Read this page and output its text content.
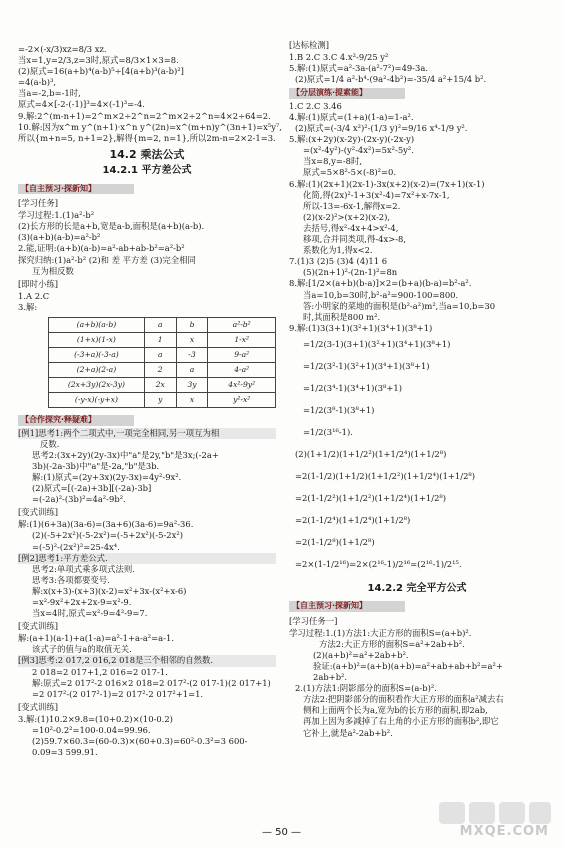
=-2×(-x/3)xz=8/3 xz.

当x=1,y=2/3,z=3时,原式=8/3×1×3=8.

(2)原式=16(a+b)⁴(a-b)⁵÷[4(a+b)³(a-b)²]

=4(a-b)³,

当a=-2,b=-1时,

原式=4×[-2-(-1)]³=4×(-1)³=-4.

9.解:2^(m-n+1)=2^m×2÷2^n=2^m×2÷2^n=4×2÷64=2.

10.解:因为x^m y^(n+1)·x^n y^(2n)=x^(m+n)y^(3n+1)=x⁵y⁷,

所以{m+n=5, n+1=2},解得{m=2, n=1},所以2m-n=2×2-1=3.

14.2 乘法公式
14.2.1 平方差公式
【自主预习·探新知】

[学习任务]

学习过程:1.(1)a²-b²

(2)长方形的长是a+b,宽是a-b,面积是(a+b)(a-b).

(3)(a+b)(a-b)=a²-b²

2.能,证明:(a+b)(a-b)=a²-ab+ab-b²=a²-b²

探究归纳:(1)a²-b² (2)和 差 平方差 (3)完全相同

互为相反数

[即时小练]

1.A 2.C

3.解:

(a+b)(a-b)	a	b	a²-b²
(1+x)(1-x)	1	x	1-x²
(-3+a)(-3-a)	a	-3	9-a²
(2+a)(2-a)	2	a	4-a²
(2x+3y)(2x-3y)	2x	3y	4x²-9y²
(-y-x)(-y+x)	y	x	y²-x²
【合作探究·释疑难】

[例1]思考1:两个二项式中,一项完全相同,另一项互为相

反数.

思考2:(3x+2y)(2y-3x)中"a"是2y,"b"是3x;(-2a+

3b)(-2a-3b)中"a"是-2a,"b"是3b.

解:(1)原式=(2y+3x)(2y-3x)=4y²-9x².

(2)原式=[(-2a)+3b][(-2a)-3b]

=(-2a)²-(3b)²=4a²-9b².

[变式训练]

解:(1)(6+3a)(3a-6)=(3a+6)(3a-6)=9a²-36.

(2)(-5+2x²)(-5-2x²)=(-5+2x²)(-5-2x²)

=(-5)²-(2x²)²=25-4x⁴.

[例2]思考1:平方差公式.

思考2:单项式乘多项式法则.

思考3:各项都要变号.

解:x(x+3)-(x+3)(x-2)=x²+3x-(x²+x-6)

=x²-9x²+2x+2x-9=x²-9.

当x=4时,原式=x²-9=4²-9=7.

[变式训练]

解:(a+1)(a-1)+a(1-a)=a²-1+a-a²=a-1.

该式子的值与a的取值无关.

[例3]思考:2 017,2 016,2 018是三个相邻的自然数.

2 018=2 017+1,2 016=2 017-1.

解:原式=2 017²-2 016×2 018=2 017²-(2 017-1)(2 017+1)

=2 017²-(2 017²-1)=2 017²-2 017²+1=1.

[变式训练]

3.解:(1)10.2×9.8=(10+0.2)×(10-0.2)

=10²-0.2²=100-0.04=99.96.

(2)59.7×60.3=(60-0.3)×(60+0.3)=60²-0.3²=3 600-

0.09=3 599.91.

[达标检测]

1.B 2.C 3.C 4.x²-9/25 y²

5.解:(1)原式=a²-3a-(a²-7²)=49-3a.

(2)原式=1/4 a²-b⁴-(9a²-4b²)=-35/4 a²+15/4 b².

【分层演练·提素能】

1.C 2.C 3.46

4.解:(1)原式=(1+a)(1-a)=1-a².

(2)原式=(-3/4 x²)²-(1/3 y)²=9/16 x⁴-1/9 y².

5.解:(x+2y)(x-2y)-(2x-y)(-2x-y)

=(x²-4y²)-(y²-4x²)=5x²-5y².

当x=8,y=-8时,

原式=5×8²-5×(-8)²=0.

6.解:(1)(2x+1)(2x-1)-3x(x+2)(x-2)=(7x+1)(x-1)

化简,得(2x)²-1+3(x²-4)=7x²+x-7x-1,

所以-13=-6x-1,解得x=2.

(2)(x-2)²>(x+2)(x-2),

去括号,得x²-4x+4>x²-4,

移项,合并同类项,得-4x>-8,

系数化为1,得x<2.

7.(1)3 (2)5 (3)4 (4)11 6

(5)(2n+1)²-(2n-1)²=8n

8.解:[1/2×(a+b)(b-a)]×2=(b+a)(b-a)=b²-a².

当a=10,b=30时,b²-a²=900-100=800.

答:小明家的菜地的面积是(b²-a²)m²,当a=10,b=30

时,其面积是800 m².

9.解:(1)3(3+1)(3²+1)(3⁴+1)(3⁸+1)

=1/2(3-1)(3+1)(3²+1)(3⁴+1)(3⁸+1)

=1/2(3²-1)(3²+1)(3⁴+1)(3⁸+1)

=1/2(3⁴-1)(3⁴+1)(3⁸+1)

=1/2(3⁸-1)(3⁸+1)

=1/2(3¹⁶-1).

(2)(1+1/2)(1+1/2²)(1+1/2⁴)(1+1/2⁸)

=2(1-1/2)(1+1/2)(1+1/2²)(1+1/2⁴)(1+1/2⁸)

=2(1-1/2²)(1+1/2²)(1+1/2⁴)(1+1/2⁸)

=2(1-1/2⁴)(1+1/2⁴)(1+1/2⁸)

=2(1-1/2⁸)(1+1/2⁸)

=2×(1-1/2¹⁶)=2×(2¹⁶-1)/2¹⁶=(2¹⁶-1)/2¹⁵.

14.2.2 完全平方公式
【自主预习·探新知】

[学习任务一]

学习过程:1.(1)方法1:大正方形的面积S=(a+b)².

方法2:大正方形的面积S=a²+2ab+b².

(2)(a+b)²=a²+2ab+b².

验证:(a+b)²=(a+b)(a+b)=a²+ab+ab+b²=a²+

2ab+b².

2.(1)方法1:阴影部分的面积S=(a-b)².

方法2:把阴影部分的面积看作大正方形的面积a²减去右

侧和上面两个长为a,宽为b的长方形的面积,即2ab,

再加上因为多减掉了右上角的小正方形的面积b²,即它

它补上,就是a²-2ab+b².

— 50 —	MXQE.COM
